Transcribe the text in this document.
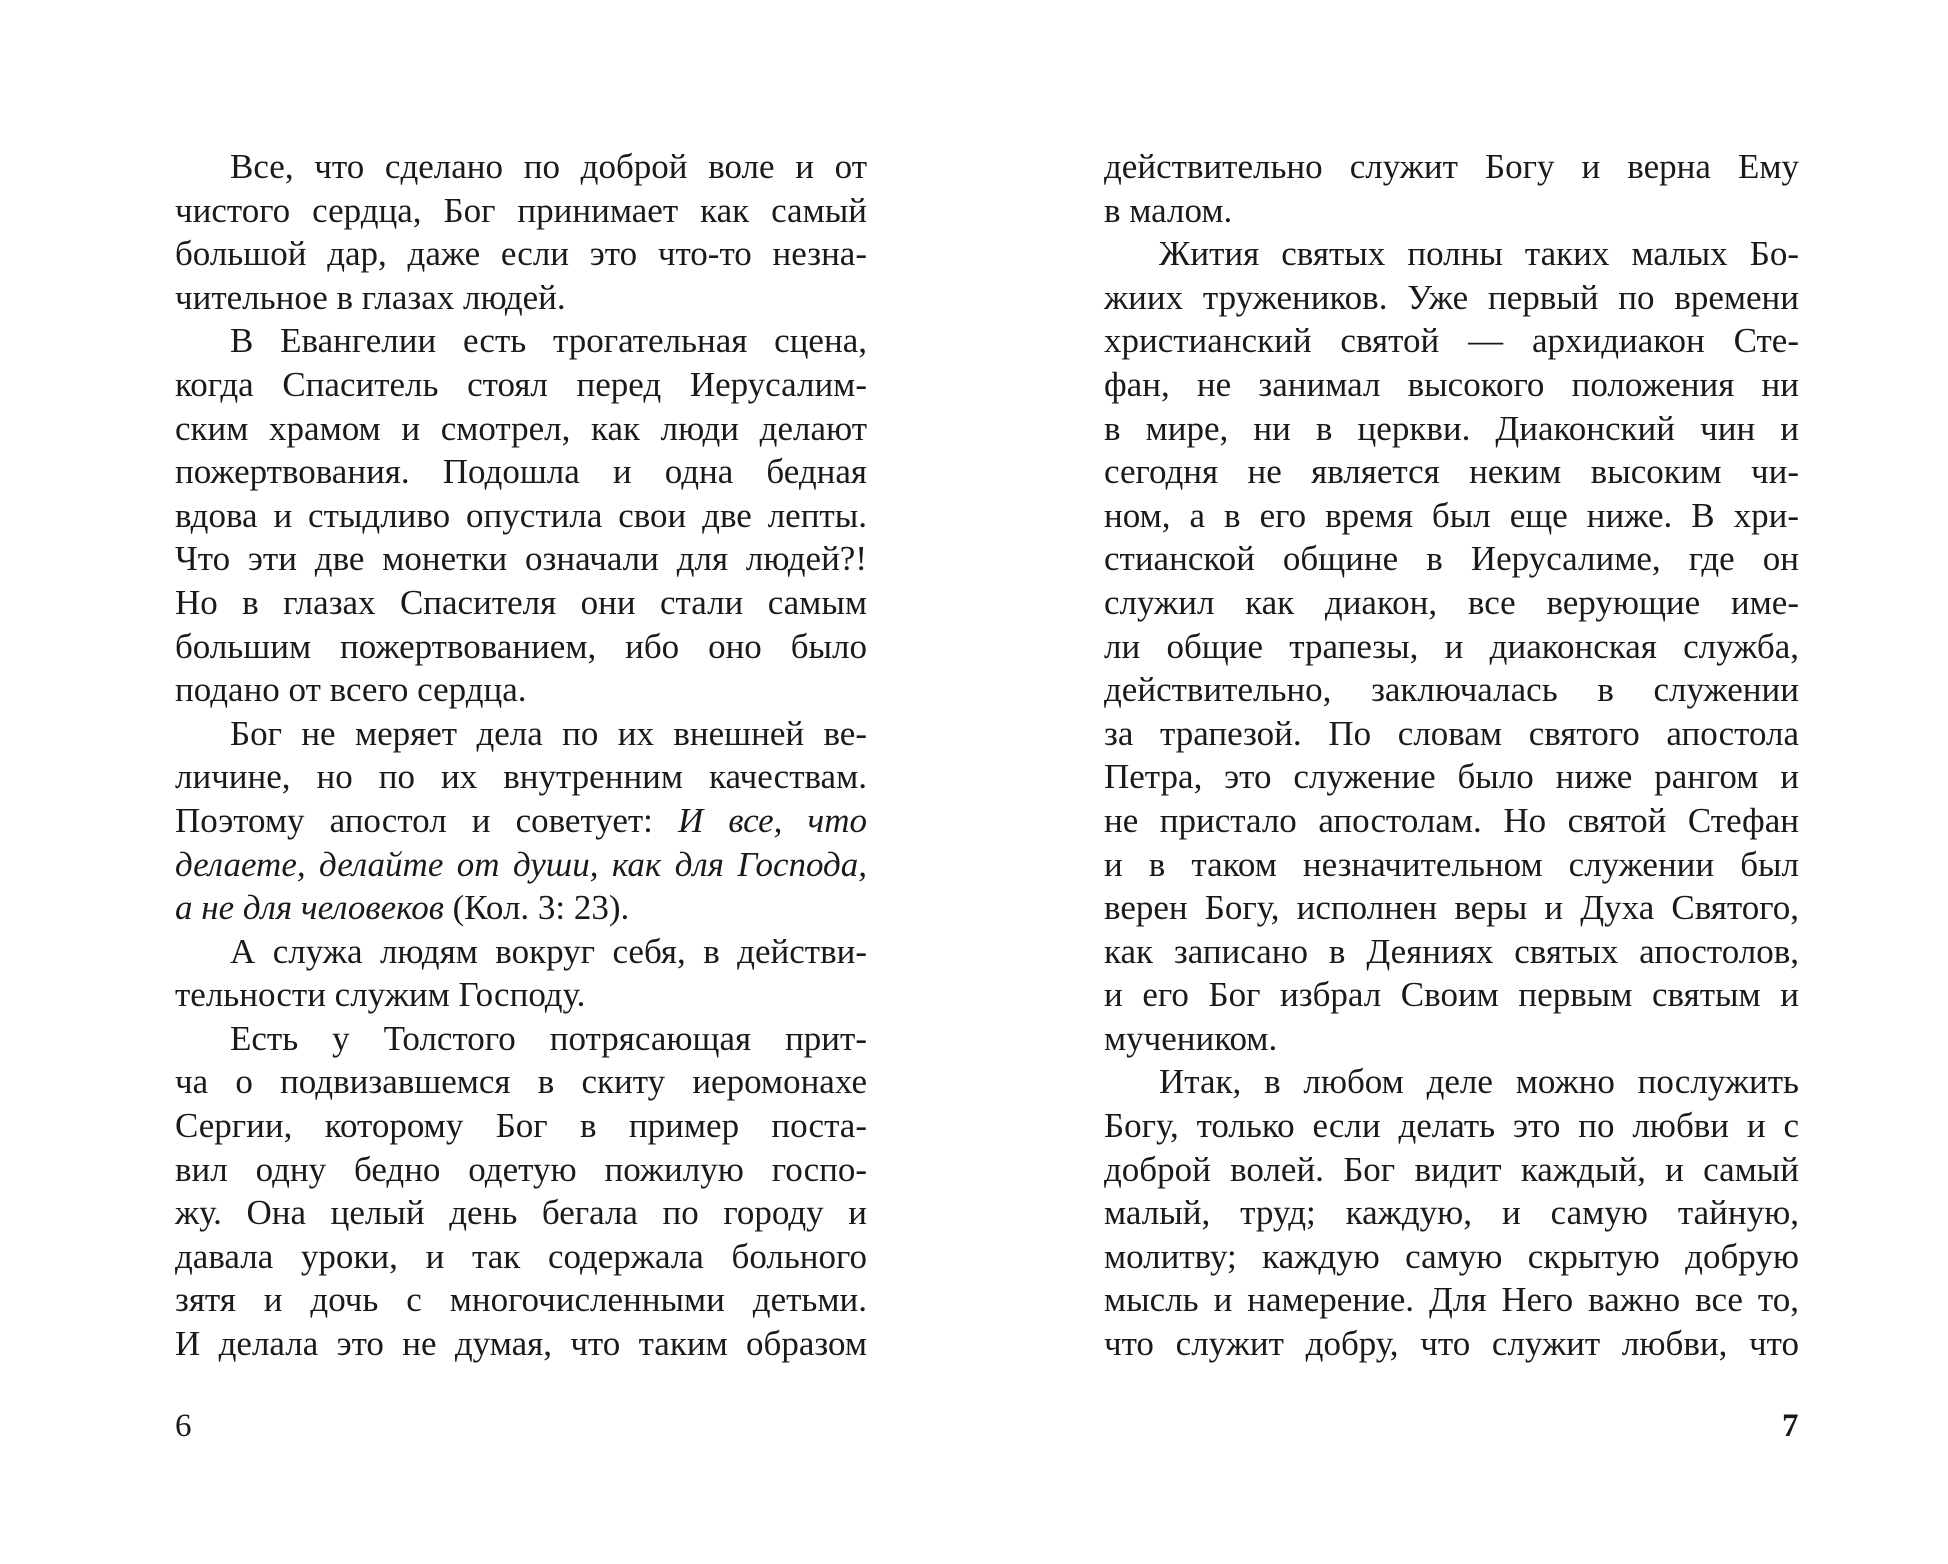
Все, что сделано по доброй воле и от
чистого сердца, Бог принимает как самый
большой дар, даже если это что-то незна-
чительное в глазах людей.
В Евангелии есть трогательная сцена,
когда Спаситель стоял перед Иерусалим-
ским храмом и смотрел, как люди делают
пожертвования. Подошла и одна бедная
вдова и стыдливо опустила свои две лепты.
Что эти две монетки означали для людей?!
Но в глазах Спасителя они стали самым
большим пожертвованием, ибо оно было
подано от всего сердца.
Бог не меряет дела по их внешней ве-
личине, но по их внутренним качествам.
Поэтому апостол и советует: И все, что
делаете, делайте от души, как для Господа,
а не для человеков (Кол. 3: 23).
А служа людям вокруг себя, в действи-
тельности служим Господу.
Есть у Толстого потрясающая прит-
ча о подвизавшемся в скиту иеромонахе
Сергии, которому Бог в пример поста-
вил одну бедно одетую пожилую госпо-
жу. Она целый день бегала по городу и
давала уроки, и так содержала больного
зятя и дочь с многочисленными детьми.
И делала это не думая, что таким образом
6
действительно служит Богу и верна Ему
в малом.
Жития святых полны таких малых Бо-
жиих тружеников. Уже первый по времени
христианский святой — архидиакон Сте-
фан, не занимал высокого положения ни
в мире, ни в церкви. Диаконский чин и
сегодня не является неким высоким чи-
ном, а в его время был еще ниже. В хри-
стианской общине в Иерусалиме, где он
служил как диакон, все верующие име-
ли общие трапезы, и диаконская служба,
действительно, заключалась в служении
за трапезой. По словам святого апостола
Петра, это служение было ниже рангом и
не пристало апостолам. Но святой Стефан
и в таком незначительном служении был
верен Богу, исполнен веры и Духа Святого,
как записано в Деяниях святых апостолов,
и его Бог избрал Своим первым святым и
мучеником.
Итак, в любом деле можно послужить
Богу, только если делать это по любви и с
доброй волей. Бог видит каждый, и самый
малый, труд; каждую, и самую тайную,
молитву; каждую самую скрытую добрую
мысль и намерение. Для Него важно все то,
что служит добру, что служит любви, что
7
